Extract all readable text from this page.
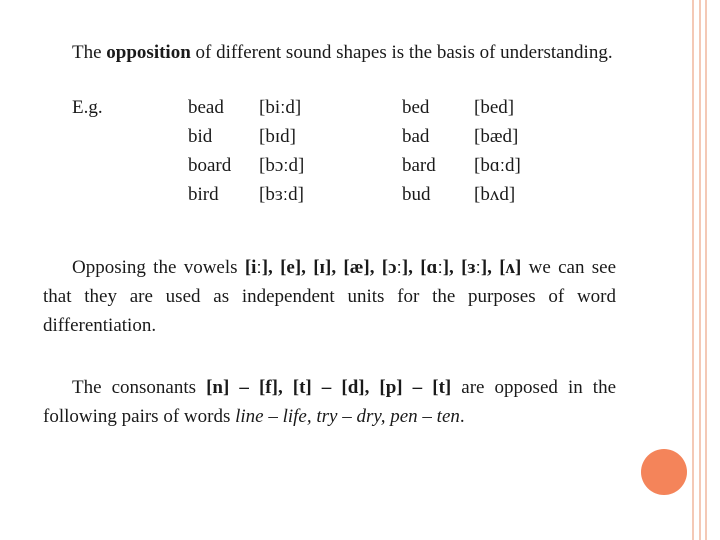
The opposition of different sound shapes is the basis of understanding.

E.g.	bead [biːd]	bed [bed]
bid [bɪd]	bad [bæd]
board [bɔːd]	bard [bɑːd]
bird [bɜːd]	bud [bʌd]

Opposing the vowels [iː], [e], [ɪ], [æ], [ɔː], [ɑː], [ɜː], [ʌ] we can see that they are used as independent units for the purposes of word differentiation.

The consonants [n] – [f], [t] – [d], [p] – [t] are opposed in the following pairs of words line – life, try – dry, pen – ten.
